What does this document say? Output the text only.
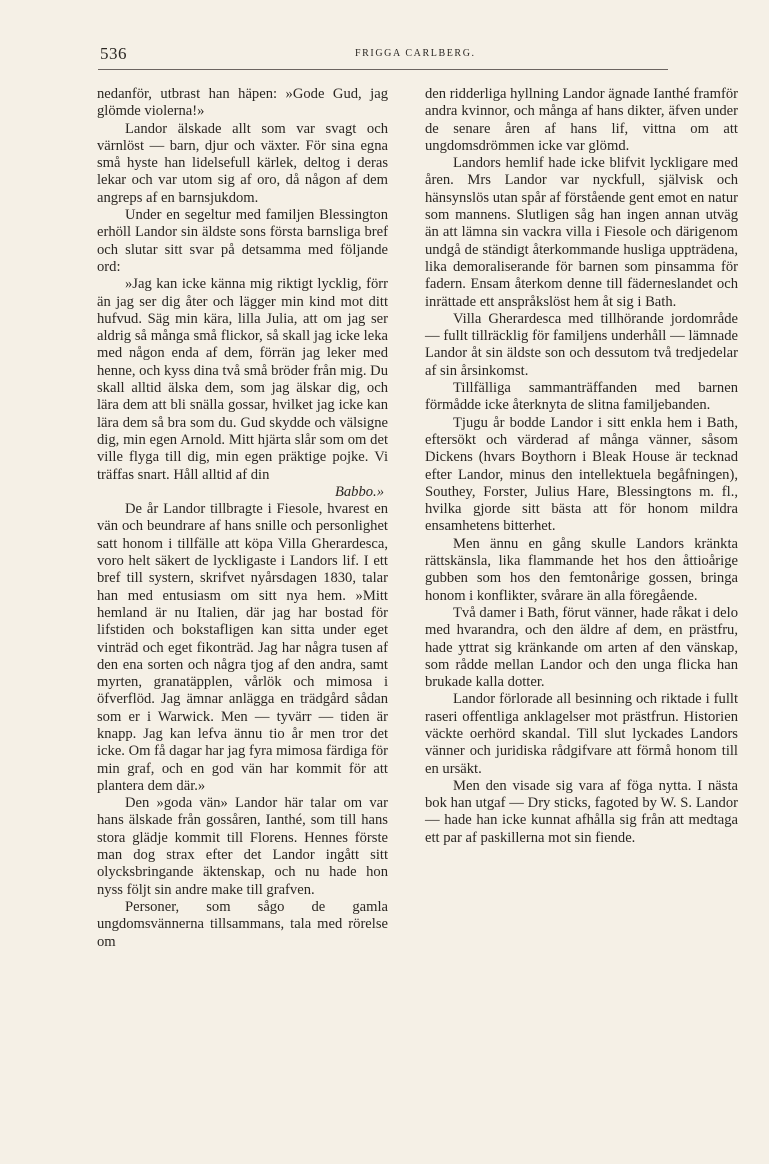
536	FRIGGA CARLBERG.

nedanför, utbrast han häpen: »Gode Gud, jag glömde violerna!»

Landor älskade allt som var svagt och värnlöst — barn, djur och växter. För sina egna små hyste han lidelsefull kärlek, deltog i deras lekar och var utom sig af oro, då någon af dem angreps af en barnsjukdom.

Under en segeltur med familjen Blessington erhöll Landor sin äldste sons första barnsliga bref och slutar sitt svar på detsamma med följande ord:

»Jag kan icke känna mig riktigt lycklig, förr än jag ser dig åter och lägger min kind mot ditt hufvud. Säg min kära, lilla Julia, att om jag ser aldrig så många små flickor, så skall jag icke leka med någon enda af dem, förrän jag leker med henne, och kyss dina två små bröder från mig. Du skall alltid älska dem, som jag älskar dig, och lära dem att bli snälla gossar, hvilket jag icke kan lära dem så bra som du. Gud skydde och välsigne dig, min egen Arnold. Mitt hjärta slår som om det ville flyga till dig, min egen präktige pojke. Vi träffas snart. Håll alltid af din

Babbo.»

De år Landor tillbragte i Fiesole, hvarest en vän och beundrare af hans snille och personlighet satt honom i tillfälle att köpa Villa Gherardesca, voro helt säkert de lyckligaste i Landors lif. I ett bref till systern, skrifvet nyårsdagen 1830, talar han med entusiasm om sitt nya hem. »Mitt hemland är nu Italien, där jag har bostad för lifstiden och bokstafligen kan sitta under eget vinträd och eget fikonträd. Jag har några tusen af den ena sorten och några tjog af den andra, samt myrten, granatäpplen, vårlök och mimosa i öfverflöd. Jag ämnar anlägga en trädgård sådan som er i Warwick. Men — tyvärr — tiden är knapp. Jag kan lefva ännu tio år men tror det icke. Om få dagar har jag fyra mimosa färdiga för min graf, och en god vän har kommit för att plantera dem där.»

Den »goda vän» Landor här talar om var hans älskade från gossåren, Ianthé, som till hans stora glädje kommit till Florens. Hennes förste man dog strax efter det Landor ingått sitt olycksbringande äktenskap, och nu hade hon nyss följt sin andre make till grafven.

Personer, som sågo de gamla ungdomsvännerna tillsammans, tala med rörelse om

den ridderliga hyllning Landor ägnade Ianthé framför andra kvinnor, och många af hans dikter, äfven under de senare åren af hans lif, vittna om att ungdomsdrömmen icke var glömd.

Landors hemlif hade icke blifvit lyckligare med åren. Mrs Landor var nyckfull, självisk och hänsynslös utan spår af förstående gent emot en natur som mannens. Slutligen såg han ingen annan utväg än att lämna sin vackra villa i Fiesole och därigenom undgå de ständigt återkommande husliga uppträdena, lika demoraliserande för barnen som pinsamma för fadern. Ensam återkom denne till fäderneslandet och inrättade ett anspråkslöst hem åt sig i Bath.

Villa Gherardesca med tillhörande jordområde — fullt tillräcklig för familjens underhåll — lämnade Landor åt sin äldste son och dessutom två tredjedelar af sin årsinkomst.

Tillfälliga sammanträffanden med barnen förmådde icke återknyta de slitna familjebanden.

Tjugu år bodde Landor i sitt enkla hem i Bath, eftersökt och värderad af många vänner, såsom Dickens (hvars Boythorn i Bleak House är tecknad efter Landor, minus den intellektuela begåfningen), Southey, Forster, Julius Hare, Blessingtons m. fl., hvilka gjorde sitt bästa att för honom mildra ensamhetens bitterhet.

Men ännu en gång skulle Landors kränkta rättskänsla, lika flammande het hos den åttioårige gubben som hos den femtonårige gossen, bringa honom i konflikter, svårare än alla föregående.

Två damer i Bath, förut vänner, hade råkat i delo med hvarandra, och den äldre af dem, en prästfru, hade yttrat sig kränkande om arten af den vänskap, som rådde mellan Landor och den unga flicka han brukade kalla dotter.

Landor förlorade all besinning och riktade i fullt raseri offentliga anklagelser mot prästfrun. Historien väckte oerhörd skandal. Till slut lyckades Landors vänner och juridiska rådgifvare att förmå honom till en ursäkt.

Men den visade sig vara af föga nytta. I nästa bok han utgaf — Dry sticks, fagoted by W. S. Landor — hade han icke kunnat afhålla sig från att medtaga ett par af paskillerna mot sin fiende.
